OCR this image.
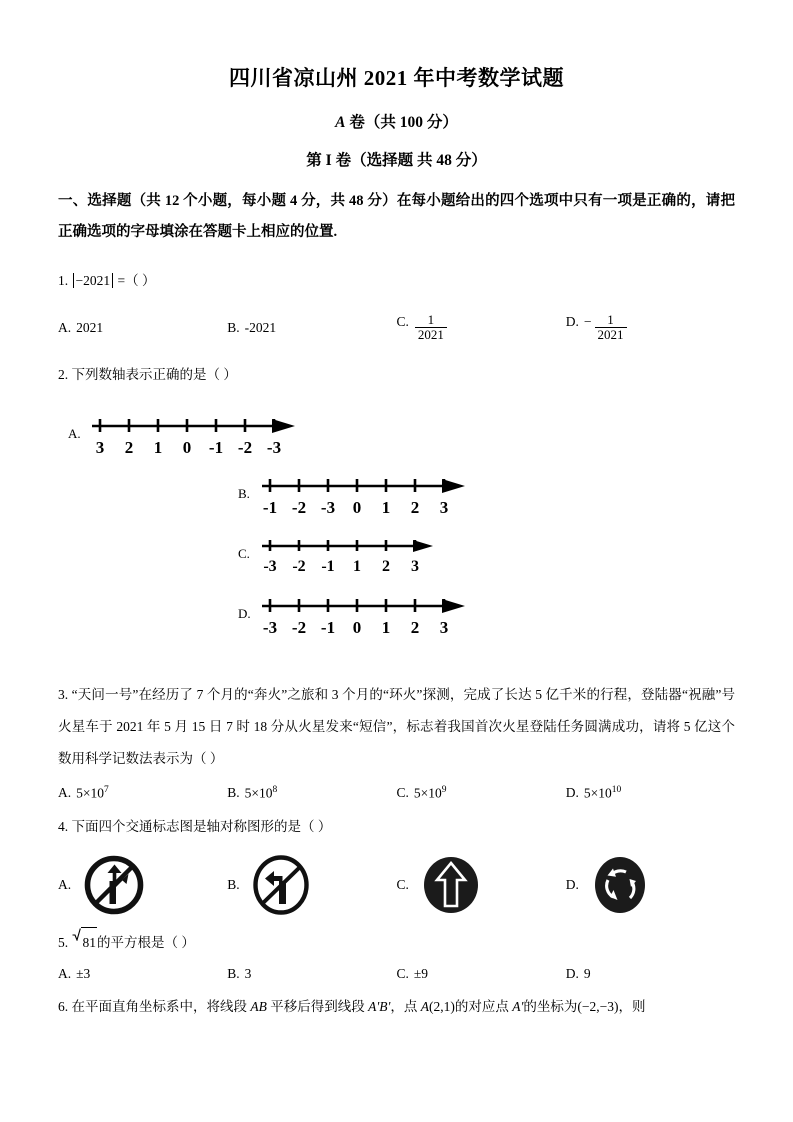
四川省凉山州 2021 年中考数学试题
A 卷（共 100 分）
第 I 卷（选择题 共 48 分）

一、选择题（共 12 个小题，每小题 4 分，共 48 分）在每小题给出的四个选项中只有一项是正确的，请把正确选项的字母填涂在答题卡上相应的位置.

1. −2021 =（ ）
A. 2021	B. -2021	C. $\frac{1}{2021}$	D. − $\frac{1}{2021}$
2. 下列数轴表示正确的是（ ）
A.
3 2 1 0 -1 -2 -3
B.
-1 -2 -3 0 1 2 3
C.
-3 -2 -1 1 2 3
D.
-3 -2 -1 0 1 2 3
3. “天问一号”在经历了 7 个月的“奔火”之旅和 3 个月的“环火”探测，完成了长达 5 亿千米的行程，登陆器“祝融”号火星车于 2021 年 5 月 15 日 7 时 18 分从火星发来“短信”，标志着我国首次火星登陆任务圆满成功，请将 5 亿这个数用科学记数法表示为（ ）
A. $5\times 10^7$	B. $5\times 10^8$	C. $5\times 10^9$	D. $5\times 10^{10}$
4. 下面四个交通标志图是轴对称图形的是（ ）
A.	B.	C.	D.
5. 81的平方根是（ ）
A. ±3	B. 3	C. ±9	D. 9
6. 在平面直角坐标系中，将线段 AB 平移后得到线段 A'B'，点 A(2,1)的对应点 A'的坐标为(−2,−3)，则
